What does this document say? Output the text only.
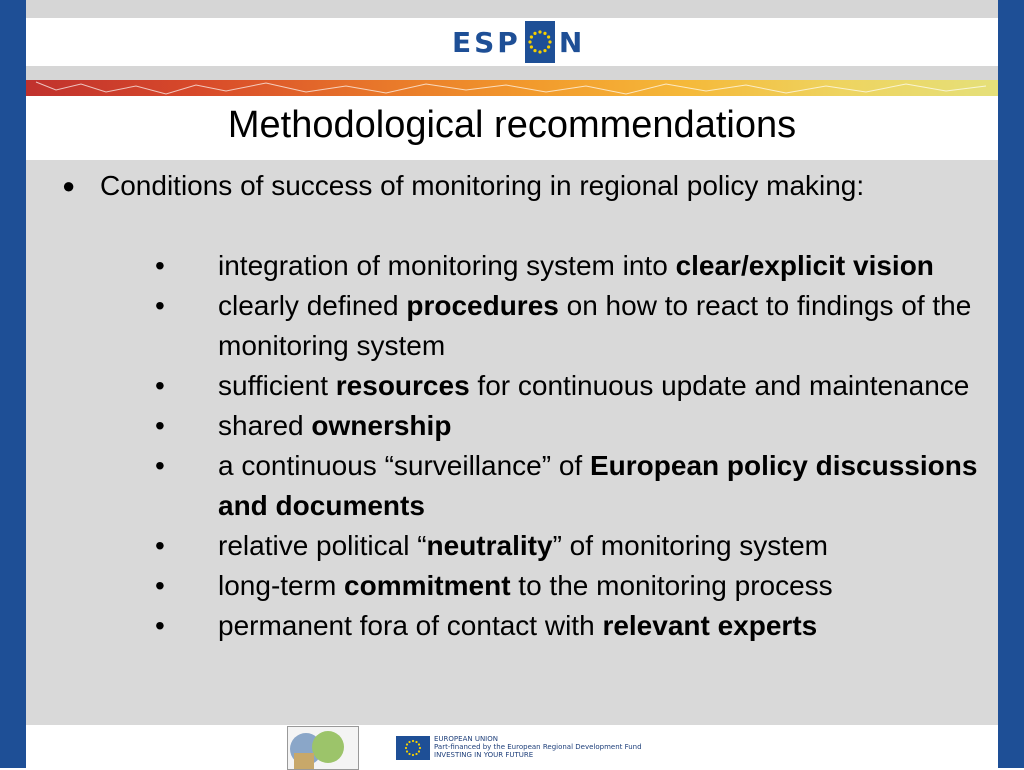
ESP N
Methodological recommendations
● Conditions of success of monitoring in regional policy making:
• integration of monitoring system into clear/explicit vision
• clearly defined procedures on how to react to findings of the monitoring system
• sufficient resources for continuous update and maintenance
• shared ownership
• a continuous “surveillance” of European policy discussions and documents
• relative political “neutrality” of monitoring system
• long-term commitment to the monitoring process
• permanent fora of contact with relevant experts
EUROPEAN UNION
Part-financed by the European Regional Development Fund
INVESTING IN YOUR FUTURE
